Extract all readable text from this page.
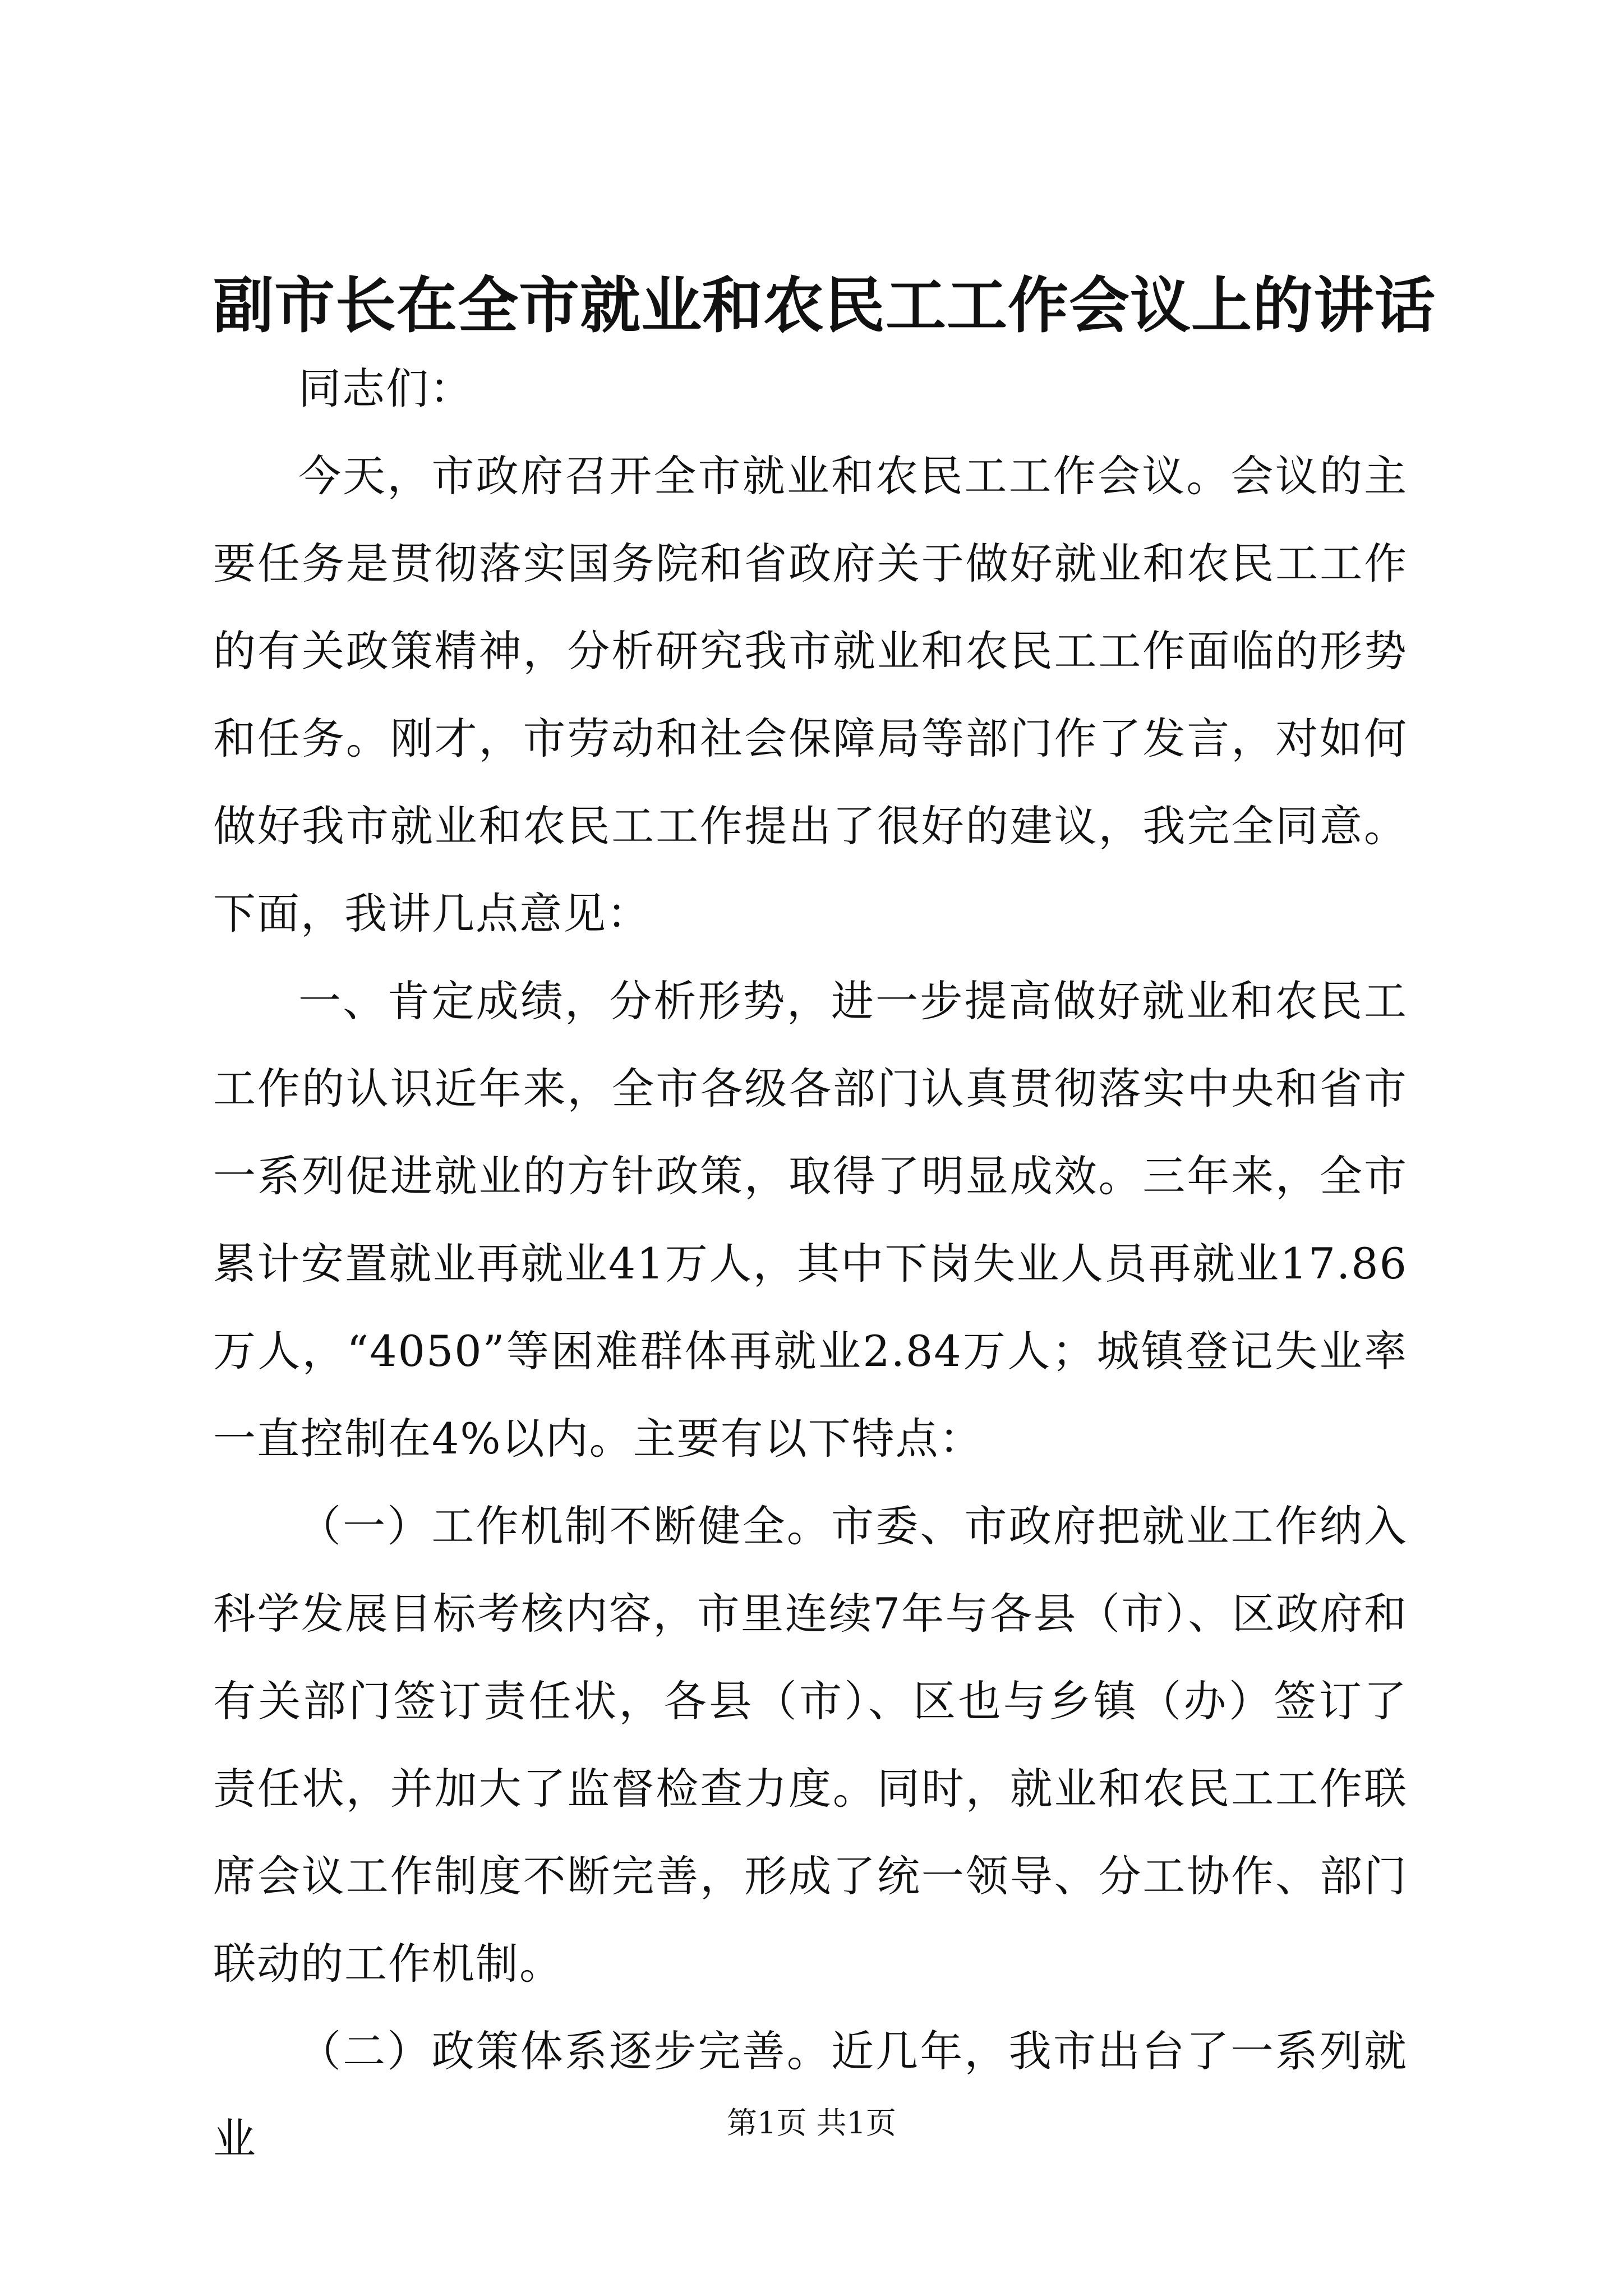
副市长在全市就业和农民工工作会议上的讲话

同志们：

今天，市政府召开全市就业和农民工工作会议。会议的主要任务是贯彻落实国务院和省政府关于做好就业和农民工工作的有关政策精神，分析研究我市就业和农民工工作面临的形势和任务。刚才，市劳动和社会保障局等部门作了发言，对如何做好我市就业和农民工工作提出了很好的建议，我完全同意。下面，我讲几点意见：

一、肯定成绩，分析形势，进一步提高做好就业和农民工工作的认识近年来，全市各级各部门认真贯彻落实中央和省市一系列促进就业的方针政策，取得了明显成效。三年来，全市累计安置就业再就业41万人，其中下岗失业人员再就业17.86万人，“4050”等困难群体再就业2.84万人；城镇登记失业率一直控制在4%以内。主要有以下特点：

（一）工作机制不断健全。市委、市政府把就业工作纳入科学发展目标考核内容，市里连续7年与各县（市）、区政府和有关部门签订责任状，各县（市）、区也与乡镇（办）签订了责任状，并加大了监督检查力度。同时，就业和农民工工作联席会议工作制度不断完善，形成了统一领导、分工协作、部门联动的工作机制。

（二）政策体系逐步完善。近几年，我市出台了一系列就业	第1页 共1页
